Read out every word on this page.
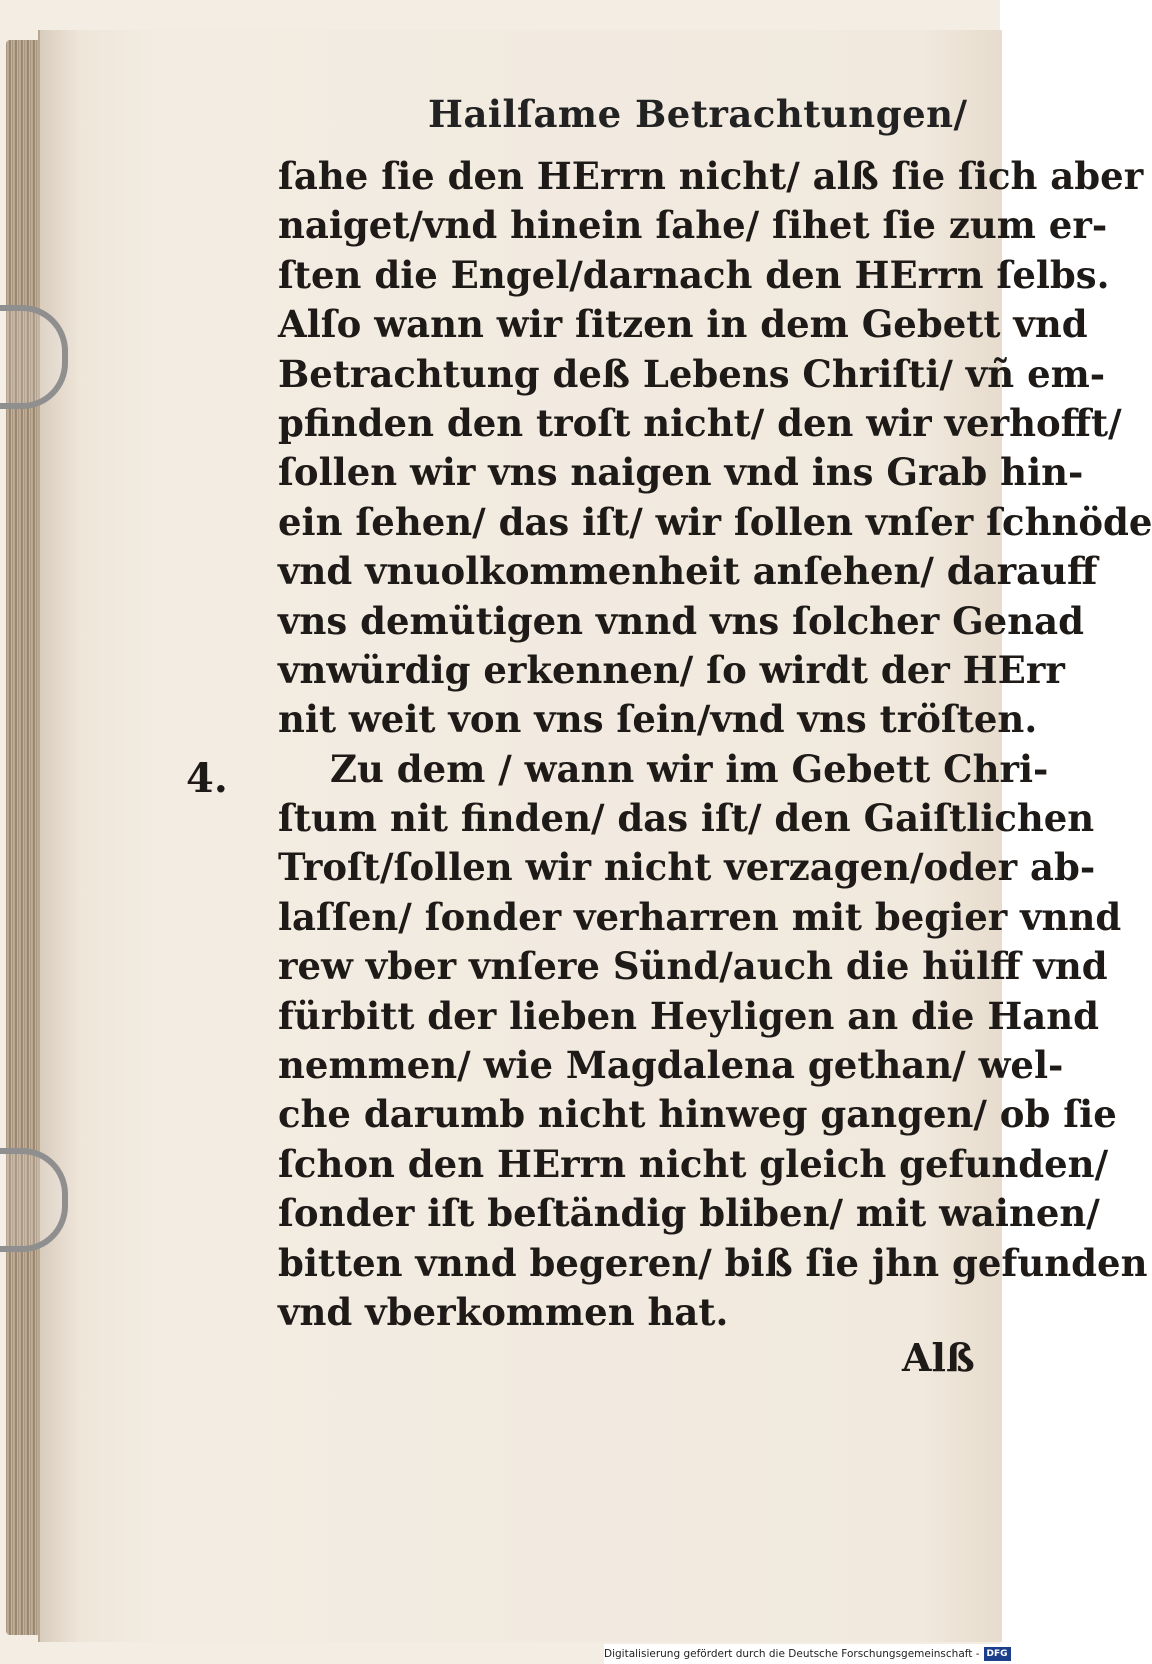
Hailſame Betrachtungen/
4.
ſahe ſie den HErrn nicht/ alß ſie ſich aber
naiget/vnd hinein ſahe/ ſihet ſie zum er-
ſten die Engel/darnach den HErrn ſelbs.
Alſo wann wir ſitzen in dem Gebett vnd
Betrachtung deß Lebens Chriſti/ vñ em-
pfinden den troſt nicht/ den wir verhofft/
ſollen wir vns naigen vnd ins Grab hin-
ein ſehen/ das iſt/ wir ſollen vnſer ſchnöde
vnd vnuolkommenheit anſehen/ darauff
vns demütigen vnnd vns ſolcher Genad
vnwürdig erkennen/ ſo wirdt der HErr
nit weit von vns ſein/vnd vns tröſten.
Zu dem / wann wir im Gebett Chri-
ſtum nit finden/ das iſt/ den Gaiſtlichen
Troſt/ſollen wir nicht verzagen/oder ab-
laſſen/ ſonder verharren mit begier vnnd
rew vber vnſere Sünd/auch die hülff vnd
fürbitt der lieben Heyligen an die Hand
nemmen/ wie Magdalena gethan/ wel-
che darumb nicht hinweg gangen/ ob ſie
ſchon den HErrn nicht gleich gefunden/
ſonder iſt beſtändig bliben/ mit wainen/
bitten vnnd begeren/ biß ſie jhn gefunden
vnd vberkommen hat.
Alß
Digitalisierung gefördert durch die Deutsche Forschungsgemeinschaft - DFG
